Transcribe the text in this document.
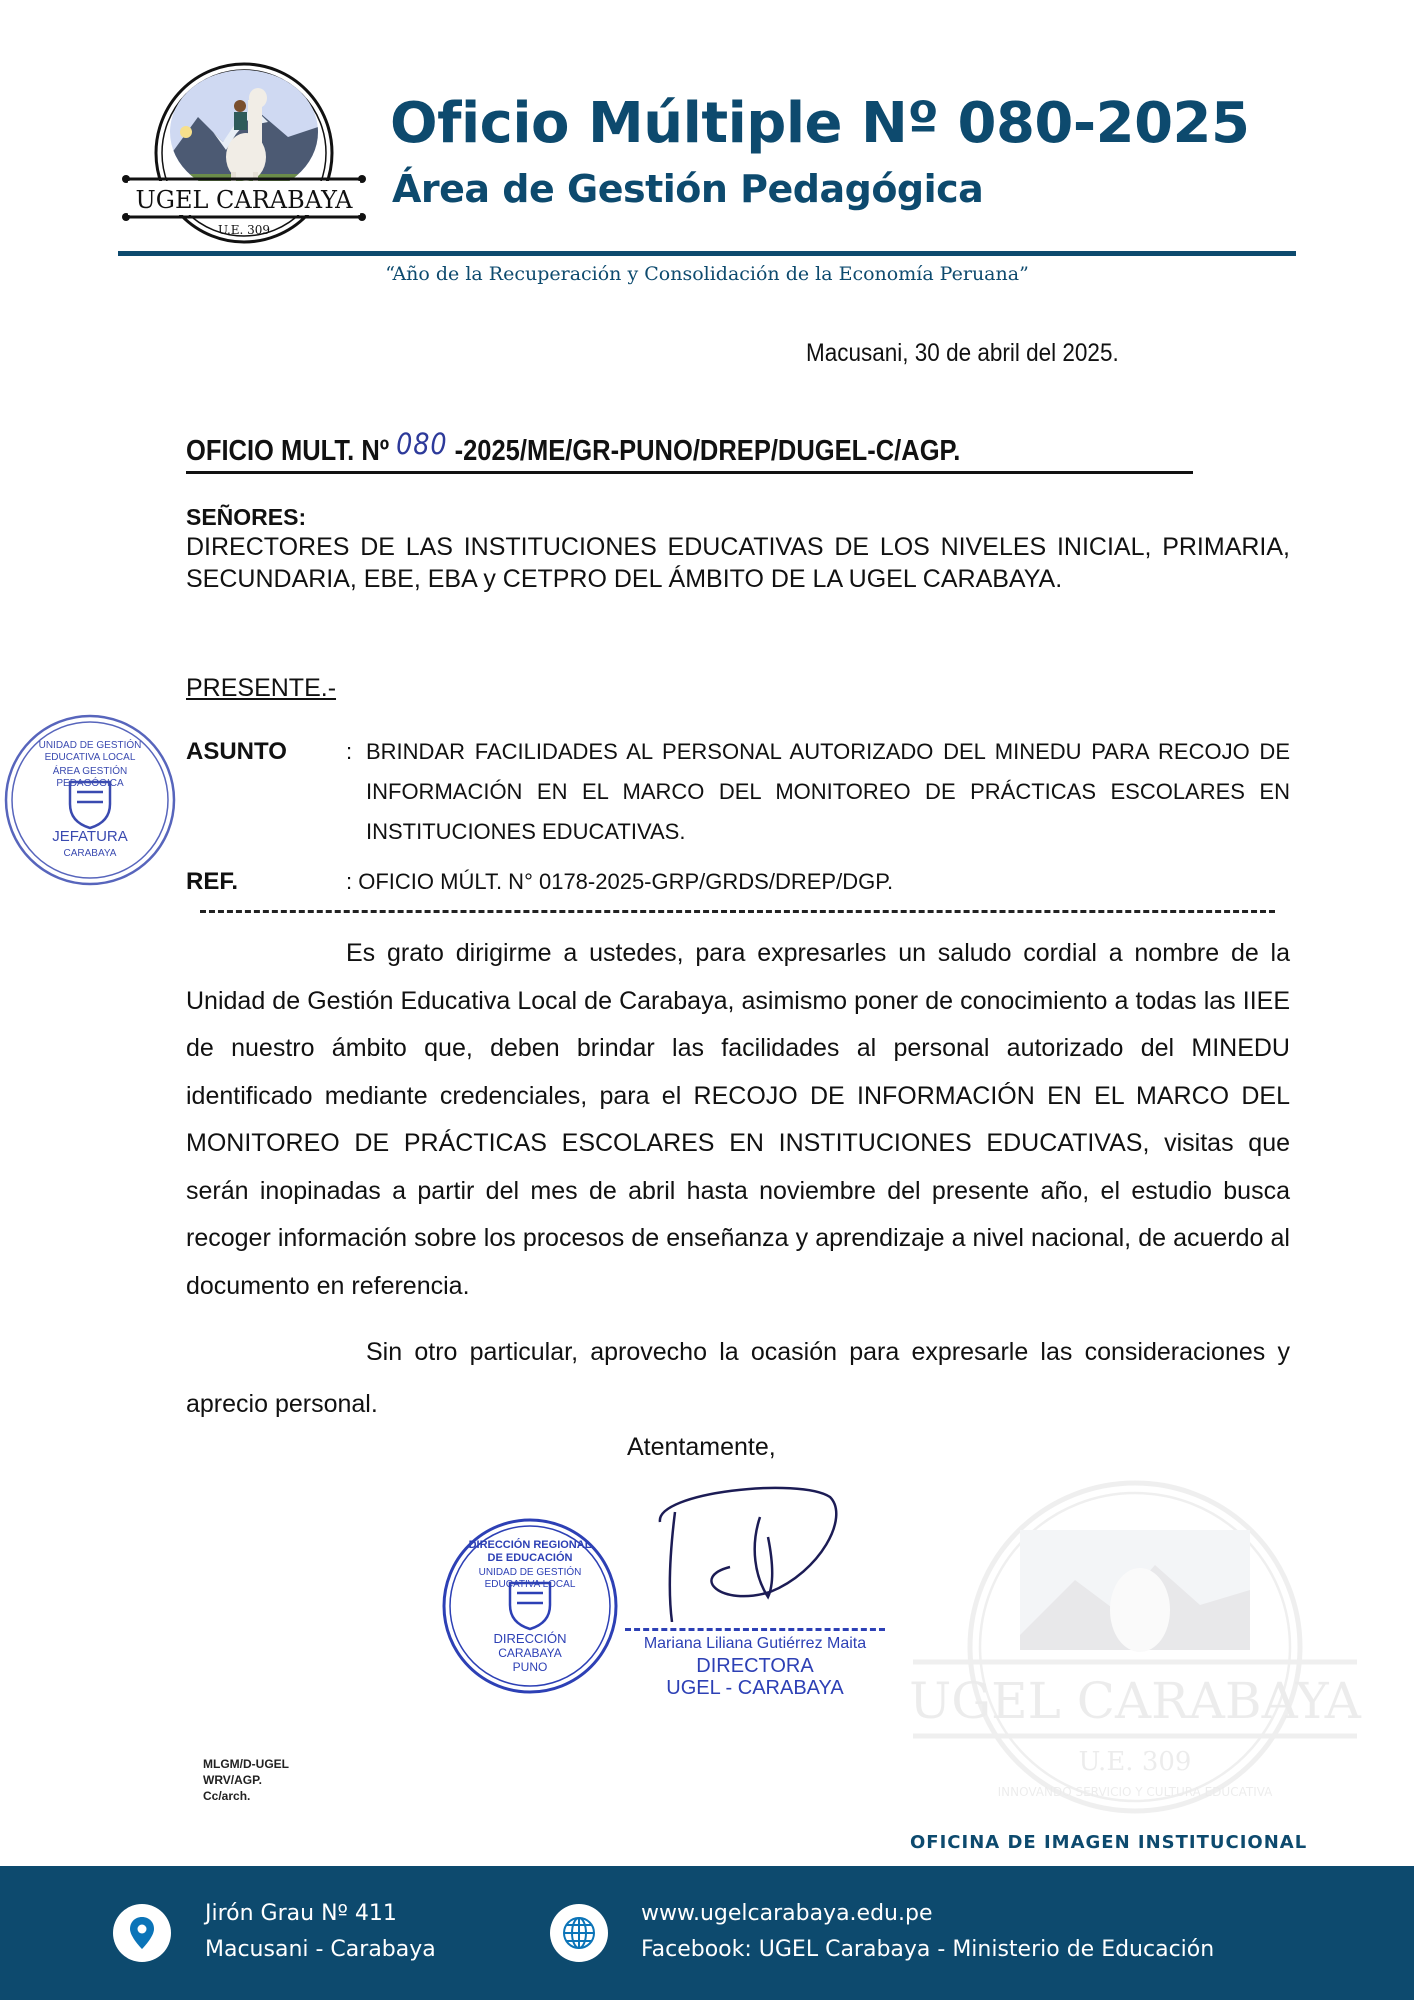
UGEL CARABAYA
U.E. 309
Oficio Múltiple Nº 080-2025
Área de Gestión Pedagógica
“Año de la Recuperación y Consolidación de la Economía Peruana”
Macusani, 30 de abril del 2025.
OFICIO MULT. Nº 080 -2025/ME/GR-PUNO/DREP/DUGEL-C/AGP.
SEÑORES:
DIRECTORES DE LAS INSTITUCIONES EDUCATIVAS DE LOS NIVELES INICIAL, PRIMARIA, SECUNDARIA, EBE, EBA y CETPRO DEL ÁMBITO DE LA UGEL CARABAYA.
PRESENTE.-
ASUNTO	: BRINDAR FACILIDADES AL PERSONAL AUTORIZADO DEL MINEDU PARA RECOJO DE INFORMACIÓN EN EL MARCO DEL MONITOREO DE PRÁCTICAS ESCOLARES EN INSTITUCIONES EDUCATIVAS.
REF.	: OFICIO MÚLT. N° 0178-2025-GRP/GRDS/DREP/DGP.
Es grato dirigirme a ustedes, para expresarles un saludo cordial a nombre de la Unidad de Gestión Educativa Local de Carabaya, asimismo poner de conocimiento a todas las IIEE de nuestro ámbito que, deben brindar las facilidades al personal autorizado del MINEDU identificado mediante credenciales, para el RECOJO DE INFORMACIÓN EN EL MARCO DEL MONITOREO DE PRÁCTICAS ESCOLARES EN INSTITUCIONES EDUCATIVAS, visitas que serán inopinadas a partir del mes de abril hasta noviembre del presente año, el estudio busca recoger información sobre los procesos de enseñanza y aprendizaje a nivel nacional, de acuerdo al documento en referencia.
Sin otro particular, aprovecho la ocasión para expresarle las consideraciones y aprecio personal.
Atentamente,
UNIDAD DE GESTIÓN EDUCATIVA LOCAL
ÁREA GESTIÓN PEDAGÓGICA
JEFATURA
CARABAYA
UGEL CARABAYA
U.E. 309
INNOVANDO SERVICIO Y CULTURA EDUCATIVA
DIRECCIÓN REGIONAL DE EDUCACIÓN
UNIDAD DE GESTIÓN EDUCATIVA LOCAL
DIRECCIÓN
CARABAYA
PUNO
Mariana Liliana Gutiérrez Maita
DIRECTORA
UGEL - CARABAYA
MLGM/D-UGEL
WRV/AGP.
Cc/arch.
OFICINA DE IMAGEN INSTITUCIONAL
Jirón Grau Nº 411
Macusani - Carabaya
www.ugelcarabaya.edu.pe
Facebook: UGEL Carabaya - Ministerio de Educación
